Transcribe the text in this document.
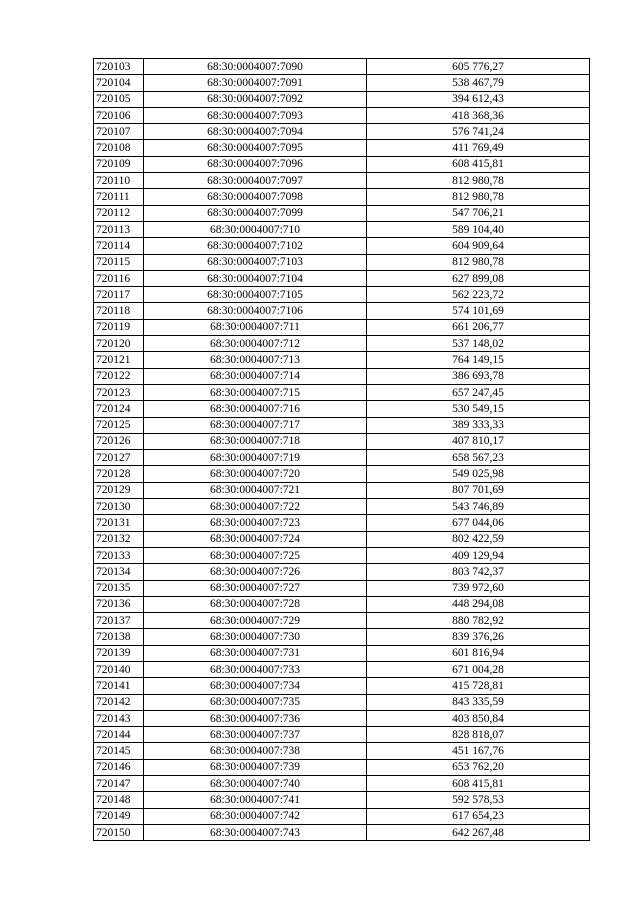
720103	68:30:0004007:7090	605 776,27
720104	68:30:0004007:7091	538 467,79
720105	68:30:0004007:7092	394 612,43
720106	68:30:0004007:7093	418 368,36
720107	68:30:0004007:7094	576 741,24
720108	68:30:0004007:7095	411 769,49
720109	68:30:0004007:7096	608 415,81
720110	68:30:0004007:7097	812 980,78
720111	68:30:0004007:7098	812 980,78
720112	68:30:0004007:7099	547 706,21
720113	68:30:0004007:710	589 104,40
720114	68:30:0004007:7102	604 909,64
720115	68:30:0004007:7103	812 980,78
720116	68:30:0004007:7104	627 899,08
720117	68:30:0004007:7105	562 223,72
720118	68:30:0004007:7106	574 101,69
720119	68:30:0004007:711	661 206,77
720120	68:30:0004007:712	537 148,02
720121	68:30:0004007:713	764 149,15
720122	68:30:0004007:714	386 693,78
720123	68:30:0004007:715	657 247,45
720124	68:30:0004007:716	530 549,15
720125	68:30:0004007:717	389 333,33
720126	68:30:0004007:718	407 810,17
720127	68:30:0004007:719	658 567,23
720128	68:30:0004007:720	549 025,98
720129	68:30:0004007:721	807 701,69
720130	68:30:0004007:722	543 746,89
720131	68:30:0004007:723	677 044,06
720132	68:30:0004007:724	802 422,59
720133	68:30:0004007:725	409 129,94
720134	68:30:0004007:726	803 742,37
720135	68:30:0004007:727	739 972,60
720136	68:30:0004007:728	448 294,08
720137	68:30:0004007:729	880 782,92
720138	68:30:0004007:730	839 376,26
720139	68:30:0004007:731	601 816,94
720140	68:30:0004007:733	671 004,28
720141	68:30:0004007:734	415 728,81
720142	68:30:0004007:735	843 335,59
720143	68:30:0004007:736	403 850,84
720144	68:30:0004007:737	828 818,07
720145	68:30:0004007:738	451 167,76
720146	68:30:0004007:739	653 762,20
720147	68:30:0004007:740	608 415,81
720148	68:30:0004007:741	592 578,53
720149	68:30:0004007:742	617 654,23
720150	68:30:0004007:743	642 267,48
